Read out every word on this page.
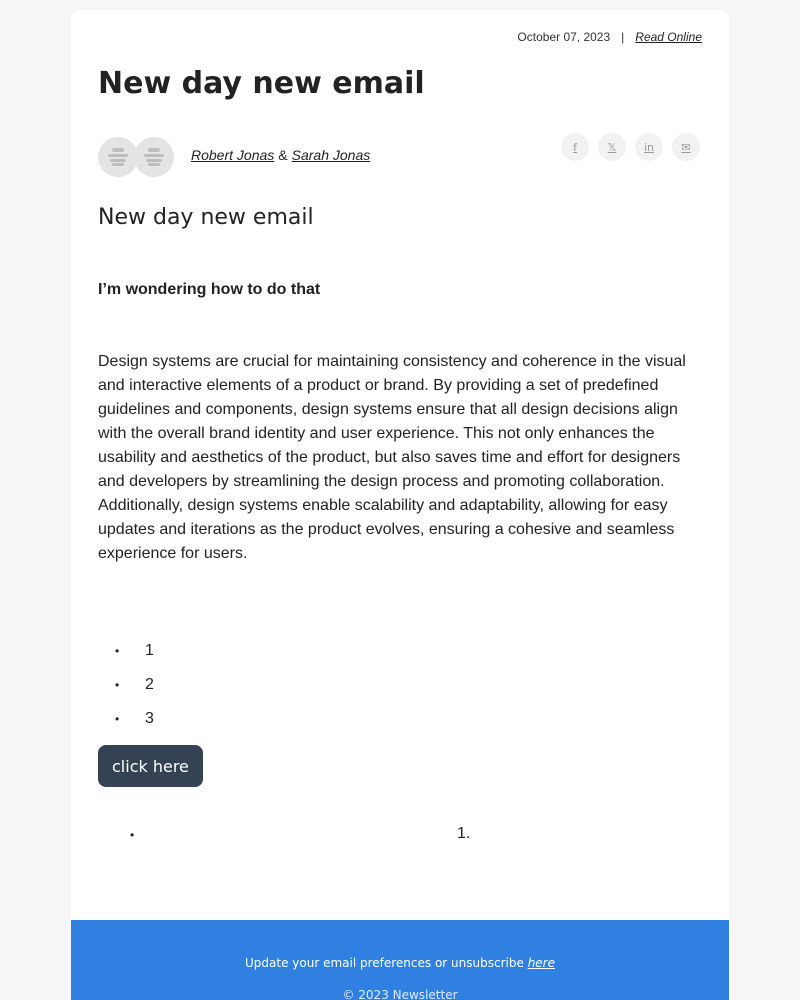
October 07, 2023 | Read Online
New day new email
Robert Jonas & Sarah Jonas	f	𝕏	in	✉
New day new email

I’m wondering how to do that

Design systems are crucial for maintaining consistency and coherence in the visual and interactive elements of a product or brand. By providing a set of predefined guidelines and components, design systems ensure that all design decisions align with the overall brand identity and user experience. This not only enhances the usability and aesthetics of the product, but also saves time and effort for designers and developers by streamlining the design process and promoting collaboration. Additionally, design systems enable scalability and adaptability, allowing for easy updates and iterations as the product evolves, ensuring a cohesive and seamless experience for users.

•	1
•	2
•	3
click here
•	1.
Update your email preferences or unsubscribe here
© 2023 Newsletter
